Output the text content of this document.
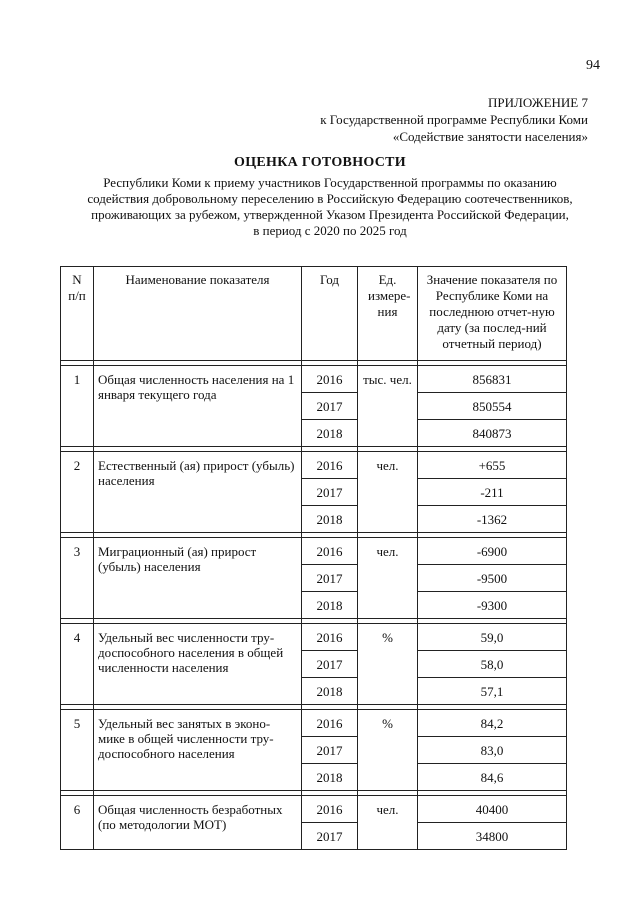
94
ПРИЛОЖЕНИЕ 7
к Государственной программе Республики Коми
«Содействие занятости населения»
ОЦЕНКА ГОТОВНОСТИ
Республики Коми к приему участников Государственной программы по оказанию
содействия добровольному переселению в Российскую Федерацию соотечественников,
проживающих за рубежом, утвержденной Указом Президента Российской Федерации,
в период с 2020 по 2025 год
N п/п	Наименование показателя	Год	Ед. измере-ния	Значение показателя по Республике Коми на последнюю отчет-ную дату (за послед-ний отчетный период)

1	Общая численность населения на 1 января текущего года	2016	тыс. чел.	856831
		2017		850554
		2018		840873

2	Естественный (ая) прирост (убыль) населения	2016	чел.	+655
		2017		-211
		2018		-1362

3	Миграционный (ая) прирост (убыль) населения	2016	чел.	-6900
		2017		-9500
		2018		-9300

4	Удельный вес численности тру-доспособного населения в общей численности населения	2016	%	59,0
		2017		58,0
		2018		57,1

5	Удельный вес занятых в эконо-мике в общей численности тру-доспособного населения	2016	%	84,2
		2017		83,0
		2018		84,6

6	Общая численность безработных (по методологии МОТ)	2016	чел.	40400
		2017		34800
